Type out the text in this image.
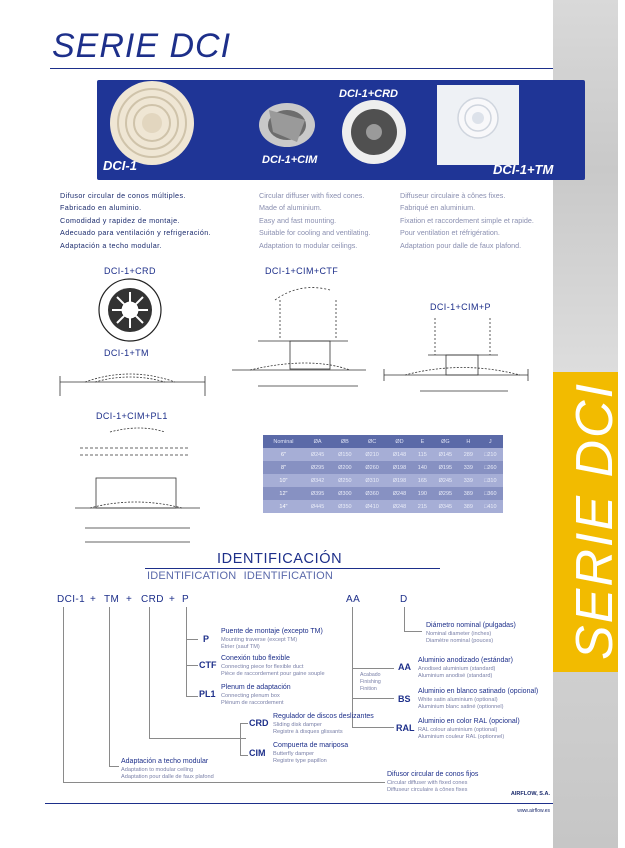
SERIE DCI
SERIE DCI
DCI-1	DCI-1+CIM
DCI-1+CRD
DCI-1+TM
Difusor circular de conos múltiples.
Fabricado en aluminio.
Comodidad y rapidez de montaje.
Adecuado para ventilación y refrigeración.
Adaptación a techo modular.
Circular diffuser with fixed cones.
Made of aluminium.
Easy and fast mounting.
Suitable for cooling and ventilating.
Adaptation to modular ceilings.
Diffuseur circulaire à cônes fixes.
Fabriqué en aluminium.
Fixation et raccordement simple et rapide.
Pour ventilation et réfrigération.
Adaptation pour dalle de faux plafond.
DCI-1+CRD
DCI-1+TM
DCI-1+CIM+CTF
DCI-1+CIM+P
DCI-1+CIM+PL1
Nominal	ØA	ØB	ØC	ØD	E	ØG	H	J
6"	Ø245	Ø150	Ø210	Ø148	115	Ø145	289	□210
8"	Ø295	Ø200	Ø260	Ø198	140	Ø195	339	□260
10"	Ø342	Ø250	Ø310	Ø198	165	Ø245	339	□310
12"	Ø395	Ø300	Ø360	Ø248	190	Ø295	389	□360
14"	Ø445	Ø350	Ø410	Ø248	215	Ø345	389	□410
IDENTIFICACIÓN
IDENTIFICATION IDENTIFICATION
DCI-1 + TM + CRD + P	AA	D
Acabado
Finishing
Finition
P
CTF
PL1
CRD
CIM
AA
BS
RAL
Puente de montaje (excepto TM)
Mounting traverse (except TM)
Étrier (sauf TM)
Conexión tubo flexible
Connecting piece for flexible duct
Pièce de raccordement pour gaine souple
Plenum de adaptación
Connecting plenum box
Plénum de raccordement
Regulador de discos deslizantes
Sliding disk damper
Registre à disques glissants
Compuerta de mariposa
Butterfly damper
Registre type papillon
Adaptación a techo modular
Adaptation to modular ceiling
Adaptation pour dalle de faux plafond	Difusor circular de conos fijos
Circular diffuser with fixed cones
Diffuseur circulaire à cônes fixes
Diámetro nominal (pulgadas)
Nominal diameter (inches)
Diamètre nominal (pouces)
Aluminio anodizado (estándar)
Anodised aluminium (standard)
Aluminium anodisé (standard)
Aluminio en blanco satinado (opcional)
White satin aluminium (optional)
Aluminium blanc satiné (optionnel)
Aluminio en color RAL (opcional)
RAL colour aluminium (optional)
Aluminium couleur RAL (optionnel)
AIRFLOW, S.A.
www.airflow.es
